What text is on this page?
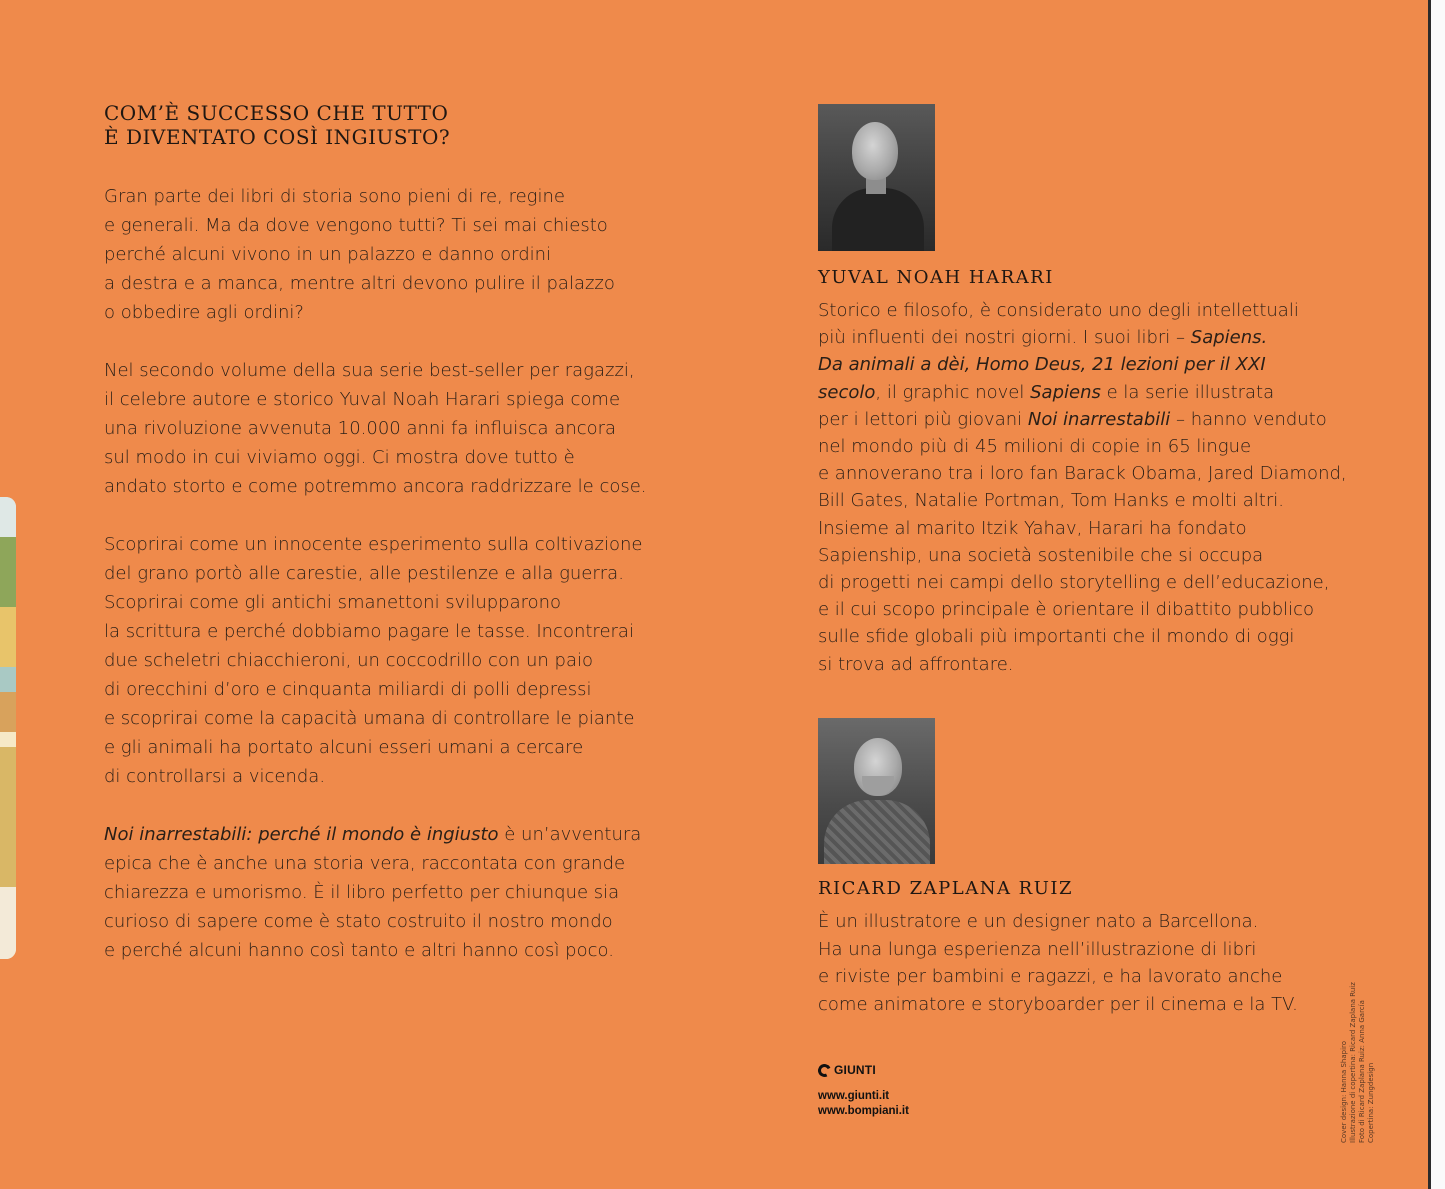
COM’È SUCCESSO CHE TUTTO
È DIVENTATO COSÌ INGIUSTO?

Gran parte dei libri di storia sono pieni di re, regine
e generali. Ma da dove vengono tutti? Ti sei mai chiesto
perché alcuni vivono in un palazzo e danno ordini
a destra e a manca, mentre altri devono pulire il palazzo
o obbedire agli ordini?

Nel secondo volume della sua serie best-seller per ragazzi,
il celebre autore e storico Yuval Noah Harari spiega come
una rivoluzione avvenuta 10.000 anni fa influisca ancora
sul modo in cui viviamo oggi. Ci mostra dove tutto è
andato storto e come potremmo ancora raddrizzare le cose.

Scoprirai come un innocente esperimento sulla coltivazione
del grano portò alle carestie, alle pestilenze e alla guerra.
Scoprirai come gli antichi smanettoni svilupparono
la scrittura e perché dobbiamo pagare le tasse. Incontrerai
due scheletri chiacchieroni, un coccodrillo con un paio
di orecchini d’oro e cinquanta miliardi di polli depressi
e scoprirai come la capacità umana di controllare le piante
e gli animali ha portato alcuni esseri umani a cercare
di controllarsi a vicenda.

Noi inarrestabili: perché il mondo è ingiusto è un’avventura
epica che è anche una storia vera, raccontata con grande
chiarezza e umorismo. È il libro perfetto per chiunque sia
curioso di sapere come è stato costruito il nostro mondo
e perché alcuni hanno così tanto e altri hanno così poco.

YUVAL NOAH HARARI
Storico e filosofo, è considerato uno degli intellettuali
più influenti dei nostri giorni. I suoi libri – Sapiens.
Da animali a dèi, Homo Deus, 21 lezioni per il XXI
secolo, il graphic novel Sapiens e la serie illustrata
per i lettori più giovani Noi inarrestabili – hanno venduto
nel mondo più di 45 milioni di copie in 65 lingue
e annoverano tra i loro fan Barack Obama, Jared Diamond,
Bill Gates, Natalie Portman, Tom Hanks e molti altri.
Insieme al marito Itzik Yahav, Harari ha fondato
Sapienship, una società sostenibile che si occupa
di progetti nei campi dello storytelling e dell’educazione,
e il cui scopo principale è orientare il dibattito pubblico
sulle sfide globali più importanti che il mondo di oggi
si trova ad affrontare.
RICARD ZAPLANA RUIZ
È un illustratore e un designer nato a Barcellona.
Ha una lunga esperienza nell’illustrazione di libri
e riviste per bambini e ragazzi, e ha lavorato anche
come animatore e storyboarder per il cinema e la TV.
GIUNTI
www.giunti.it
www.bompiani.it	Cover design: Hanna Shapiro Illustrazione di copertina: Ricard Zaplana Ruiz Foto di Ricard Zaplana Ruiz: Anna García Copertina: Zungdesign
